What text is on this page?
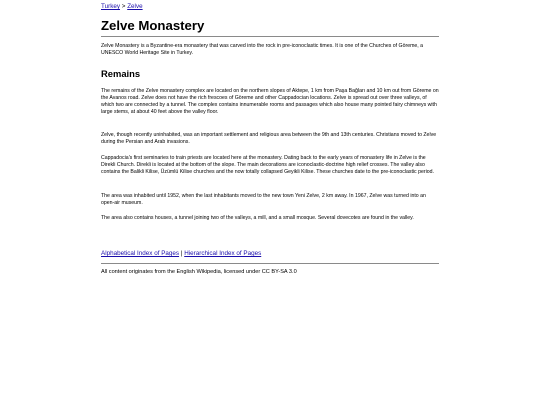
Turkey > Zelve
Zelve Monastery

Zelve Monastery is a Byzantine-era monastery that was carved into the rock in pre-iconoclastic times. It is one of the Churches of Göreme, a UNESCO World Heritage Site in Turkey.

Remains

The remains of the Zelve monastery complex are located on the northern slopes of Aktepe, 1 km from Paşa Bağları and 10 km out from Göreme on the Avanos road. Zelve does not have the rich frescoes of Göreme and other Cappadocian locations. Zelve is spread out over three valleys, of which two are connected by a tunnel. The complex contains innumerable rooms and passages which also house many pointed fairy chimneys with large stems, at about 40 feet above the valley floor.

Zelve, though recently uninhabited, was an important settlement and religious area between the 9th and 13th centuries. Christians moved to Zelve during the Persian and Arab invasions.

Cappadocia's first seminaries to train priests are located here at the monastery. Dating back to the early years of monastery life in Zelve is the Direkli Church. Direkli is located at the bottom of the slope. The main decorations are iconoclastic-doctrine high relief crosses. The valley also contains the Balikli Kilise, Üzümlü Kilise churches and the now totally collapsed Geyikli Kilise. These churches date to the pre-iconoclastic period.

The area was inhabited until 1952, when the last inhabitants moved to the new town Yeni Zelve, 2 km away. In 1967, Zelve was turned into an open-air museum.

The area also contains houses, a tunnel joining two of the valleys, a mill, and a small mosque. Several dovecotes are found in the valley.

Alphabetical Index of Pages | Hierarchical Index of Pages
All content originates from the English Wikipedia, licensed under CC BY-SA 3.0
